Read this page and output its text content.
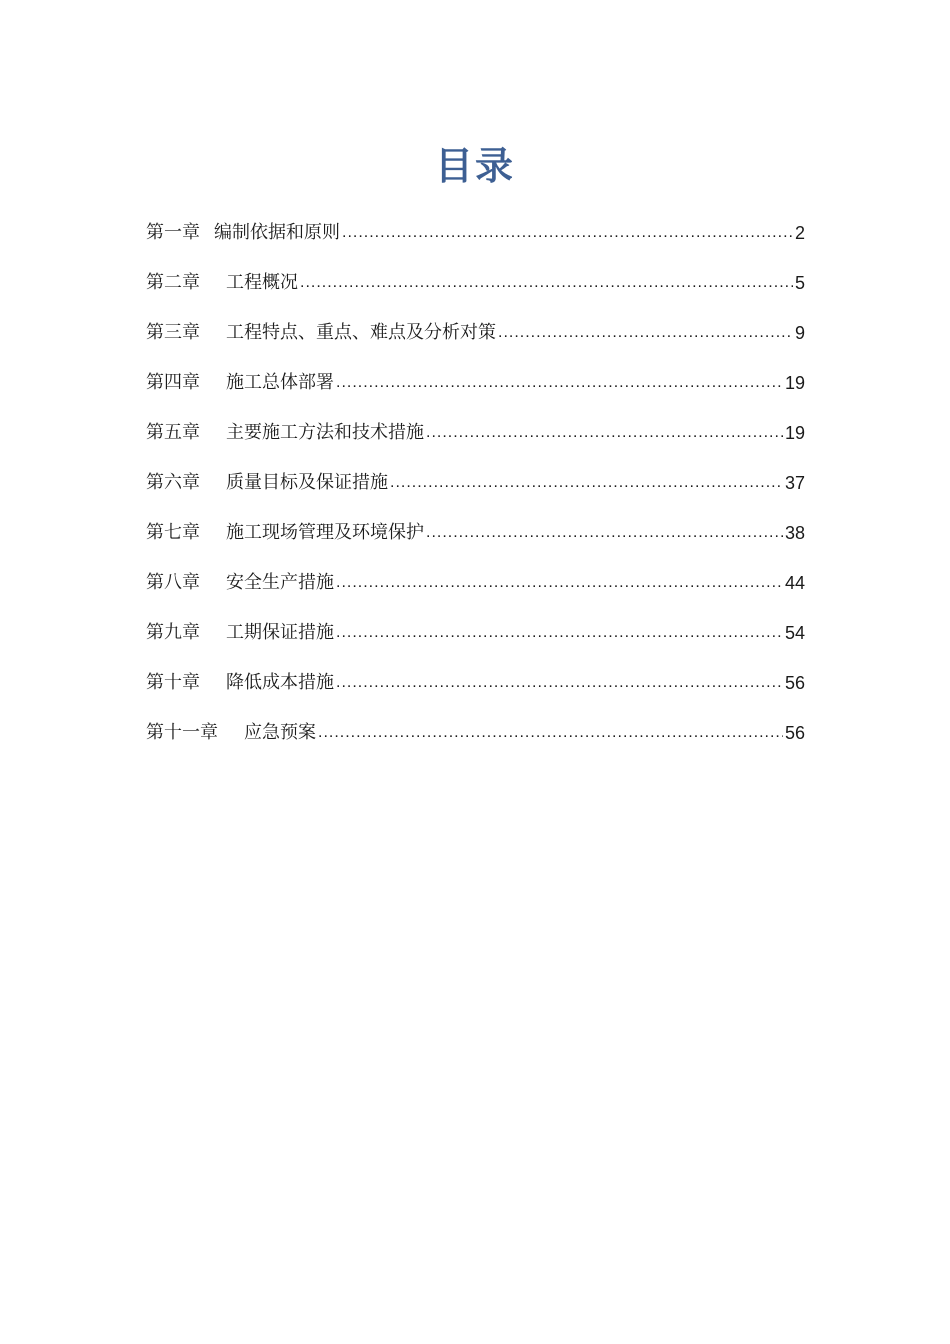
目录
第一章 编制依据和原则 .....	2
第二章 工程概况 .....	5
第三章 工程特点、重点、难点及分析对策 .....	9
第四章 施工总体部署 .....	19
第五章 主要施工方法和技术措施 .....	19
第六章 质量目标及保证措施 .....	37
第七章 施工现场管理及环境保护 .....	38
第八章 安全生产措施 .....	44
第九章 工期保证措施 .....	54
第十章 降低成本措施 .....	56
第十一章 应急预案 .....	56
